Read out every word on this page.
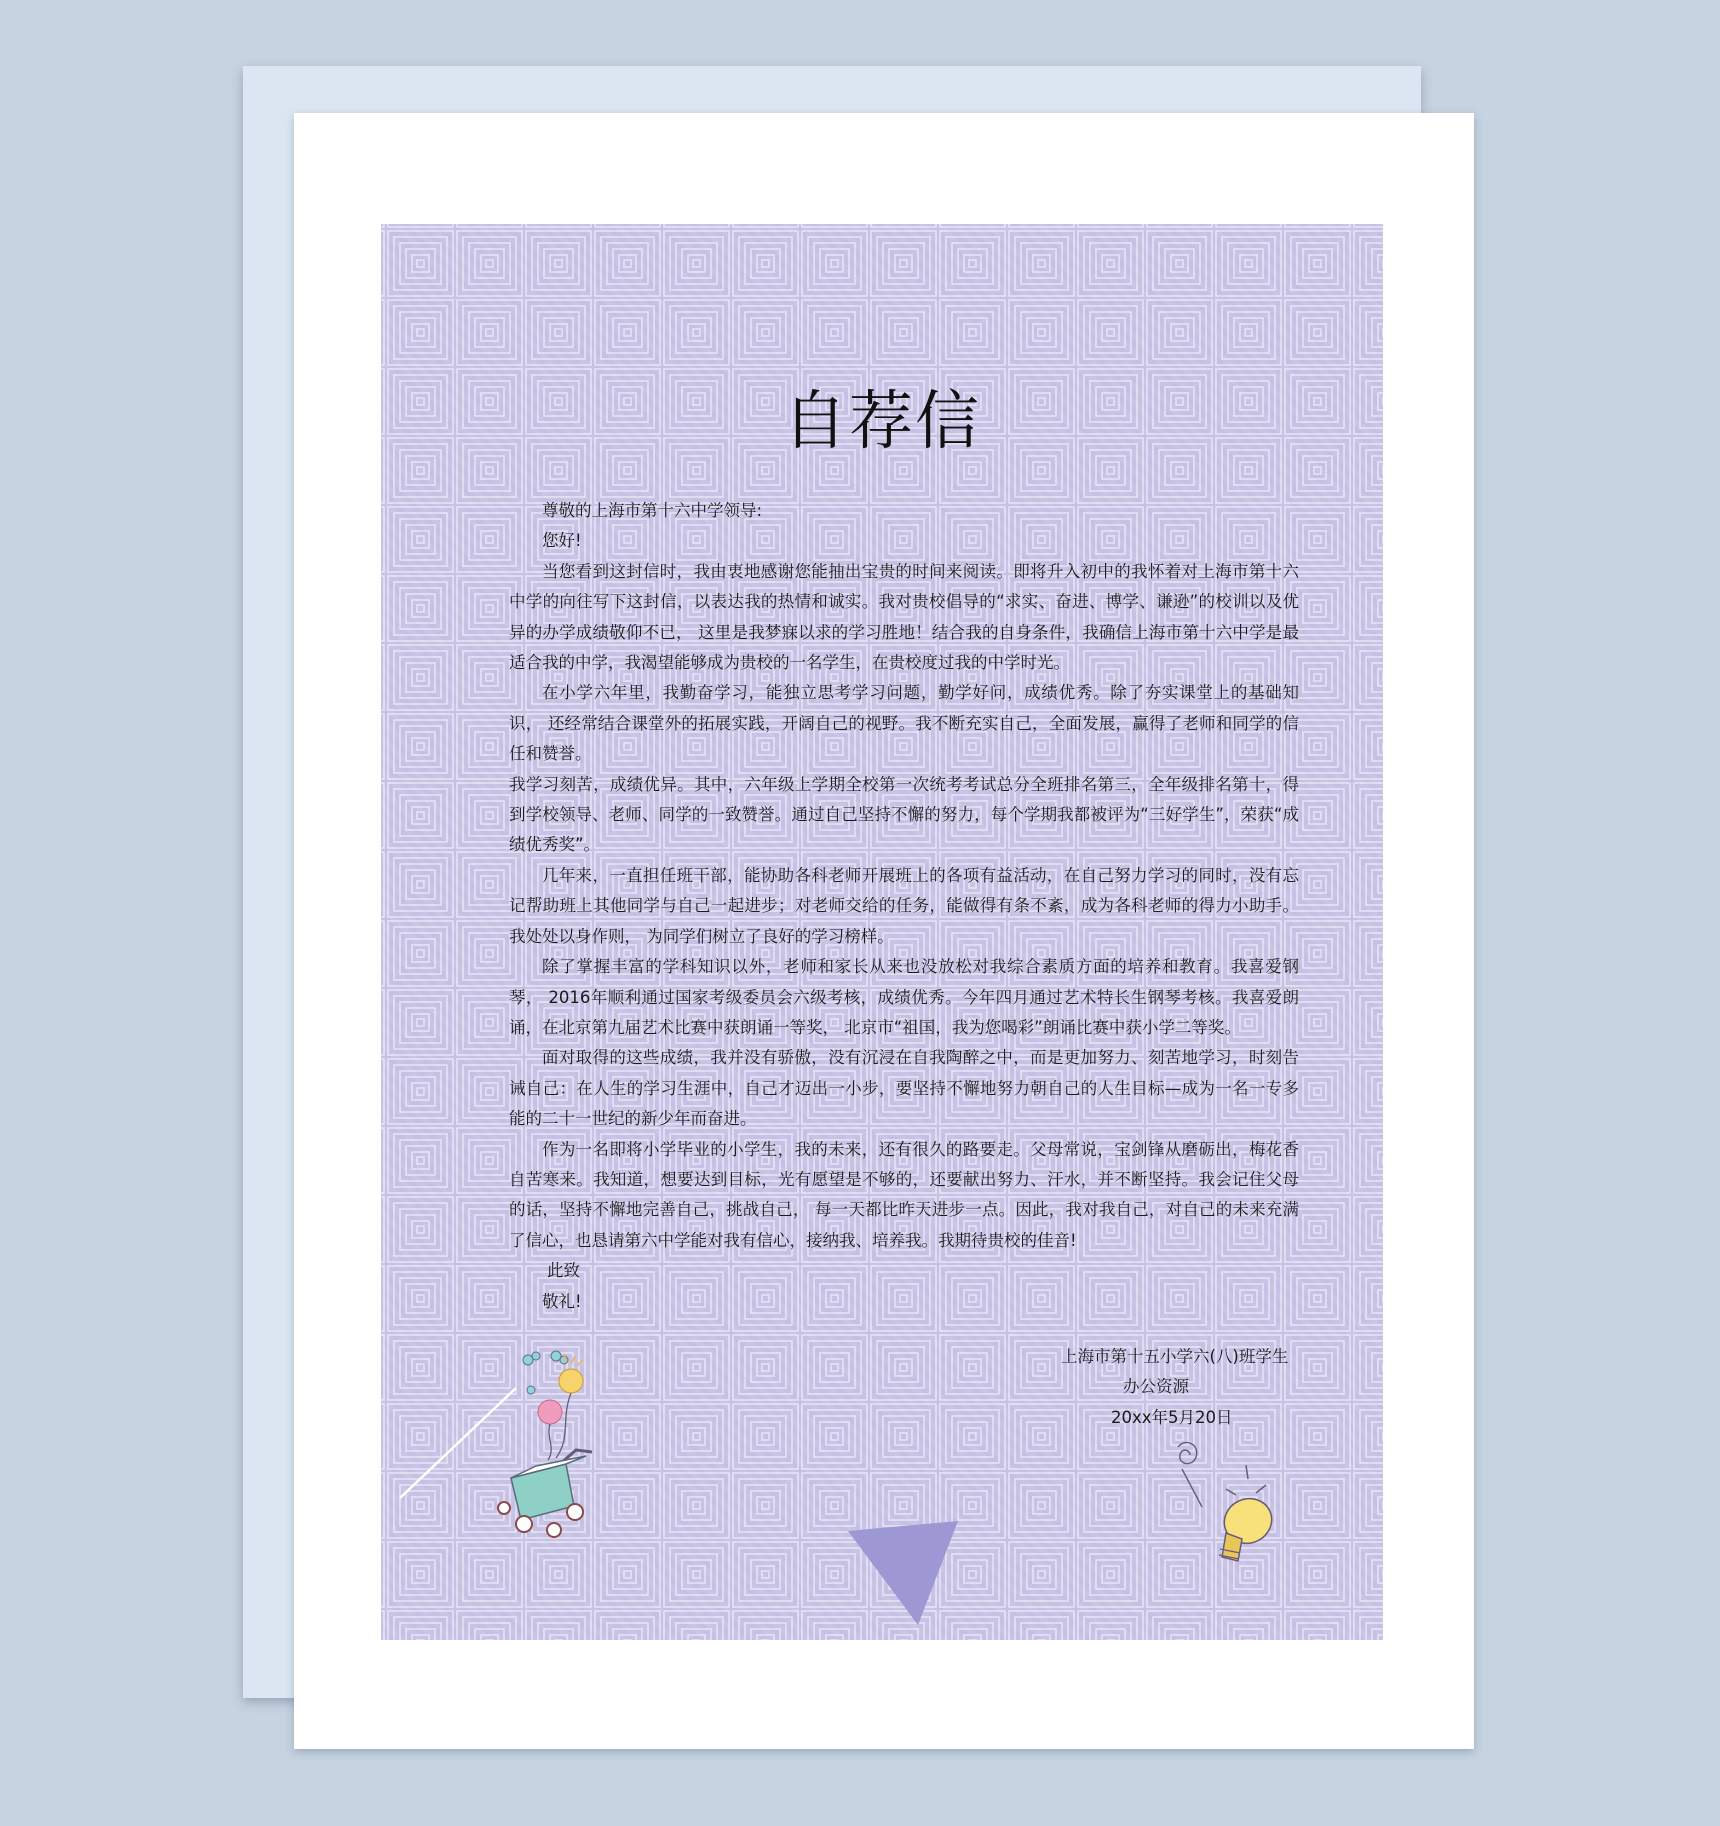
自荐信

尊敬的上海市第十六中学领导:

您好!

当您看到这封信时，我由衷地感谢您能抽出宝贵的时间来阅读。即将升入初中的我怀着对上海市第十六中学的向往写下这封信，以表达我的热情和诚实。我对贵校倡导的“求实、奋进、博学、谦逊”的校训以及优异的办学成绩敬仰不已， 这里是我梦寐以求的学习胜地！结合我的自身条件，我确信上海市第十六中学是最适合我的中学，我渴望能够成为贵校的一名学生，在贵校度过我的中学时光。

在小学六年里，我勤奋学习，能独立思考学习问题，勤学好问，成绩优秀。除了夯实课堂上的基础知识， 还经常结合课堂外的拓展实践，开阔自己的视野。我不断充实自己，全面发展，赢得了老师和同学的信任和赞誉。

我学习刻苦，成绩优异。其中，六年级上学期全校第一次统考考试总分全班排名第三，全年级排名第十，得到学校领导、老师、同学的一致赞誉。通过自己坚持不懈的努力，每个学期我都被评为“三好学生”，荣获“成绩优秀奖”。

几年来，一直担任班干部，能协助各科老师开展班上的各项有益活动，在自己努力学习的同时，没有忘记帮助班上其他同学与自己一起进步；对老师交给的任务，能做得有条不紊，成为各科老师的得力小助手。我处处以身作则， 为同学们树立了良好的学习榜样。

除了掌握丰富的学科知识以外，老师和家长从来也没放松对我综合素质方面的培养和教育。我喜爱钢琴， 2016年顺利通过国家考级委员会六级考核，成绩优秀。今年四月通过艺术特长生钢琴考核。我喜爱朗诵，在北京第九届艺术比赛中获朗诵一等奖， 北京市“祖国，我为您喝彩”朗诵比赛中获小学二等奖。

面对取得的这些成绩，我并没有骄傲，没有沉浸在自我陶醉之中，而是更加努力、刻苦地学习，时刻告诫自己：在人生的学习生涯中，自己才迈出一小步，要坚持不懈地努力朝自己的人生目标—成为一名一专多能的二十一世纪的新少年而奋进。

作为一名即将小学毕业的小学生，我的未来，还有很久的路要走。父母常说，宝剑锋从磨砺出，梅花香自苦寒来。我知道，想要达到目标，光有愿望是不够的，还要献出努力、汗水，并不断坚持。我会记住父母的话，坚持不懈地完善自己，挑战自己， 每一天都比昨天进步一点。因此，我对我自己，对自己的未来充满了信心，也恳请第六中学能对我有信心，接纳我、培养我。我期待贵校的佳音!

此致

敬礼!

上海市第十五小学六(八)班学生
办公资源
20xx年5月20日
